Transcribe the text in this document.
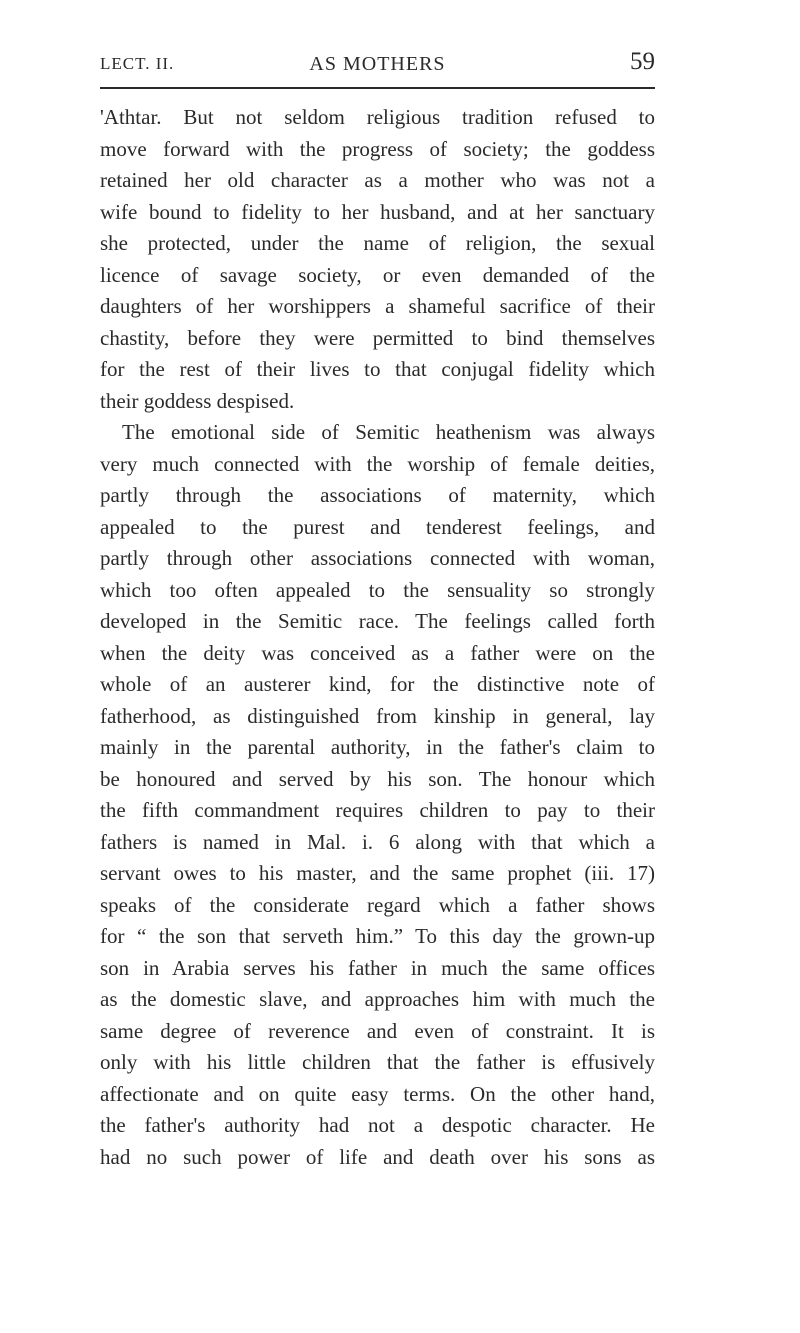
LECT. II.	AS MOTHERS	59
'Athtar. But not seldom religious tradition refused to
move forward with the progress of society; the goddess
retained her old character as a mother who was not a
wife bound to fidelity to her husband, and at her sanctuary
she protected, under the name of religion, the sexual
licence of savage society, or even demanded of the
daughters of her worshippers a shameful sacrifice of their
chastity, before they were permitted to bind themselves
for the rest of their lives to that conjugal fidelity which
their goddess despised.
The emotional side of Semitic heathenism was always
very much connected with the worship of female deities,
partly through the associations of maternity, which
appealed to the purest and tenderest feelings, and
partly through other associations connected with woman,
which too often appealed to the sensuality so strongly
developed in the Semitic race. The feelings called forth
when the deity was conceived as a father were on the
whole of an austerer kind, for the distinctive note of
fatherhood, as distinguished from kinship in general, lay
mainly in the parental authority, in the father's claim to
be honoured and served by his son. The honour which
the fifth commandment requires children to pay to their
fathers is named in Mal. i. 6 along with that which a
servant owes to his master, and the same prophet (iii. 17)
speaks of the considerate regard which a father shows
for “ the son that serveth him.” To this day the grown-up
son in Arabia serves his father in much the same offices
as the domestic slave, and approaches him with much the
same degree of reverence and even of constraint. It is
only with his little children that the father is effusively
affectionate and on quite easy terms. On the other hand,
the father's authority had not a despotic character. He
had no such power of life and death over his sons as
